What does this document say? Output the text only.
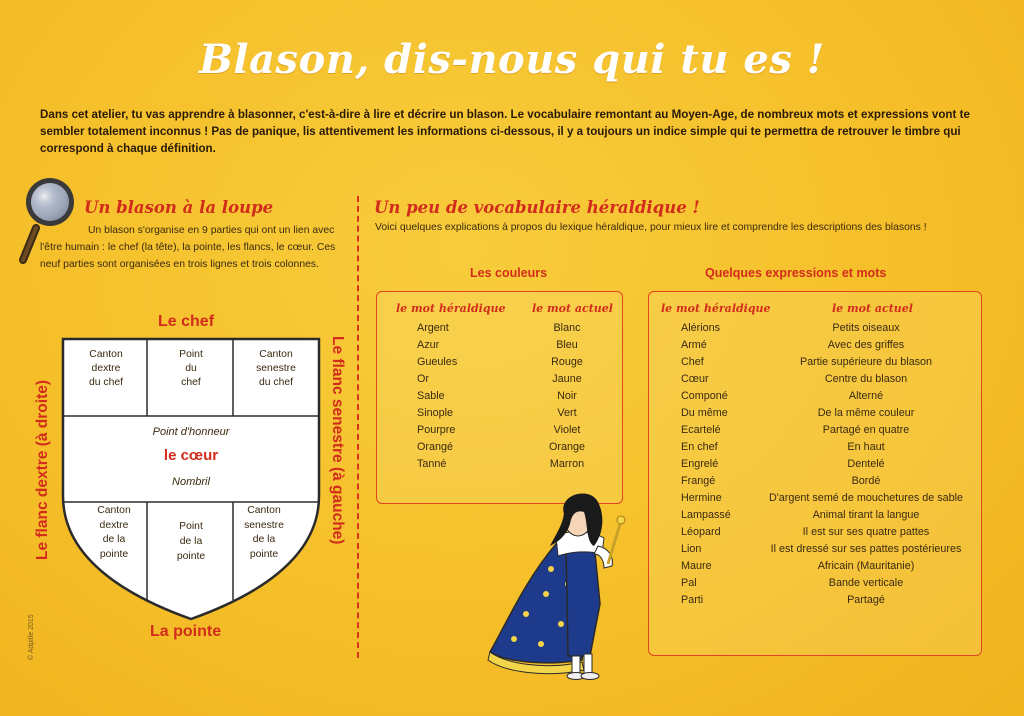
Blason, dis-nous qui tu es !
Dans cet atelier, tu vas apprendre à blasonner, c'est-à-dire à lire et décrire un blason. Le vocabulaire remontant au Moyen-Age, de nombreux mots et expressions vont te sembler totalement inconnus ! Pas de panique, lis attentivement les informations ci-dessous, il y a toujours un indice simple qui te permettra de retrouver le timbre qui correspond à chaque définition.
Un blason à la loupe
Un blason s'organise en 9 parties qui ont un lien avec l'être humain : le chef (la tête), la pointe, les flancs, le cœur. Ces neuf parties sont organisées en trois lignes et trois colonnes.
Le chef
La pointe
Le flanc dextre (à droite)	Le flanc senestre (à gauche)
Canton
dextre
du chef
Point
du
chef
Canton
senestre
du chef
Point d'honneur
le cœur
Nombril
Canton
dextre
de la
pointe
Point
de la
pointe
Canton
senestre
de la
pointe
Un peu de vocabulaire héraldique !
Voici quelques explications à propos du lexique héraldique, pour mieux lire et comprendre les descriptions des blasons !
Les couleurs	Quelques expressions et mots
le mot héraldique le mot actuel
Argent	Blanc
Azur	Bleu
Gueules	Rouge
Or	Jaune
Sable	Noir
Sinople	Vert
Pourpre	Violet
Orangé	Orange
Tanné	Marron
le mot héraldique	le mot actuel
Alérions	Petits oiseaux
Armé	Avec des griffes
Chef	Partie supérieure du blason
Cœur	Centre du blason
Componé	Alterné
Du même	De la même couleur
Ecartelé	Partagé en quatre
En chef	En haut
Engrelé	Dentelé
Frangé	Bordé
Hermine	D'argent semé de mouchetures de sable
Lampassé	Animal tirant la langue
Léopard	Il est sur ses quatre pattes
Lion	Il est dressé sur ses pattes postérieures
Maure	Africain (Mauritanie)
Pal	Bande verticale
Parti	Partagé
© Adpitle 2015
